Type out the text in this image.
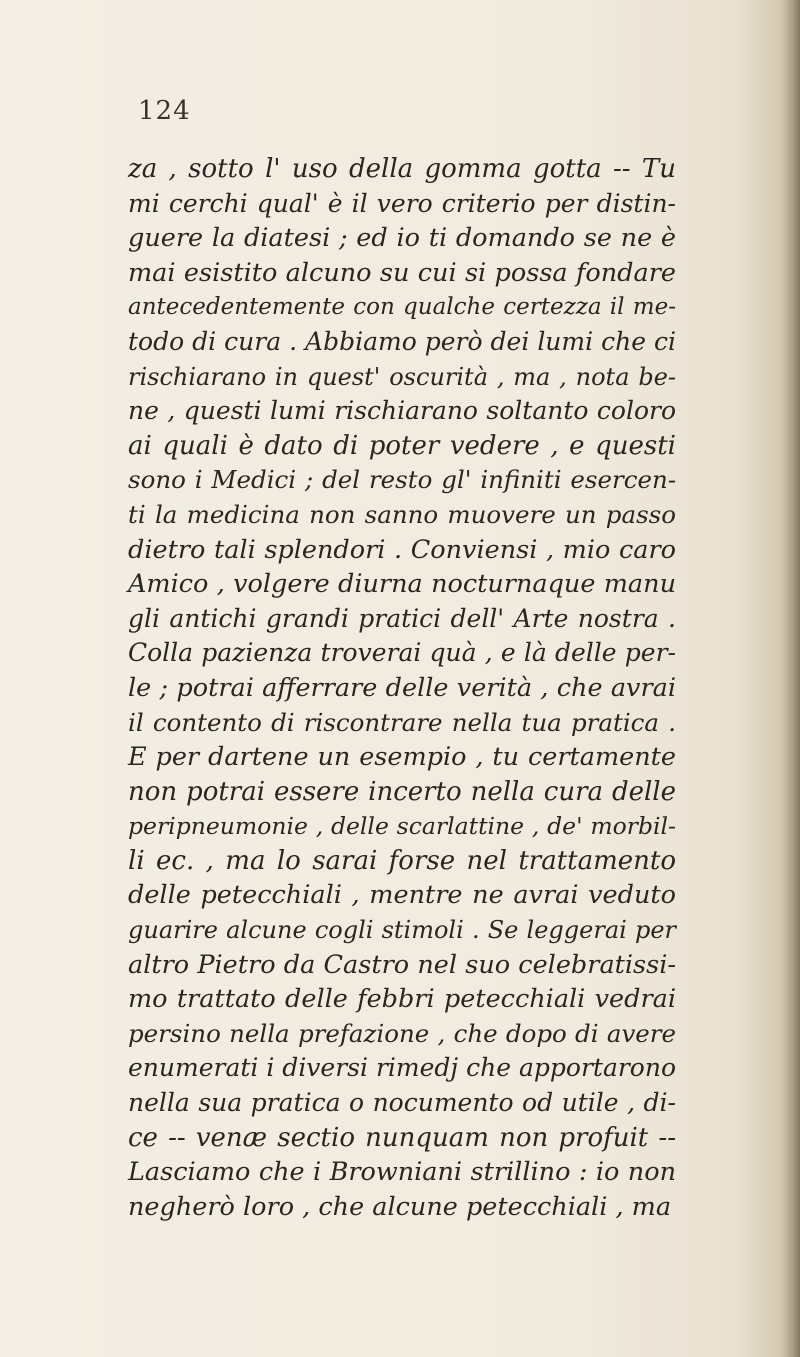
124
za , sotto l' uso della gomma gotta -- Tu
mi cerchi qual' è il vero criterio per distin-
guere la diatesi ; ed io ti domando se ne è
mai esistito alcuno su cui si possa fondare
antecedentemente con qualche certezza il me-
todo di cura . Abbiamo però dei lumi che ci
rischiarano in quest' oscurità , ma , nota be-
ne , questi lumi rischiarano soltanto coloro
ai quali è dato di poter vedere , e questi
sono i Medici ; del resto gl' infiniti esercen-
ti la medicina non sanno muovere un passo
dietro tali splendori . Conviensi , mio caro
Amico , volgere diurna nocturnaque manu
gli antichi grandi pratici dell' Arte nostra .
Colla pazienza troverai quà , e là delle per-
le ; potrai afferrare delle verità , che avrai
il contento di riscontrare nella tua pratica .
E per dartene un esempio , tu certamente
non potrai essere incerto nella cura delle
peripneumonie , delle scarlattine , de' morbil-
li ec. , ma lo sarai forse nel trattamento
delle petecchiali , mentre ne avrai veduto
guarire alcune cogli stimoli . Se leggerai per
altro Pietro da Castro nel suo celebratissi-
mo trattato delle febbri petecchiali vedrai
persino nella prefazione , che dopo di avere
enumerati i diversi rimedj che apportarono
nella sua pratica o nocumento od utile , di-
ce -- venæ sectio nunquam non profuit --
Lasciamo che i Browniani strillino : io non
negherò loro , che alcune petecchiali , ma
